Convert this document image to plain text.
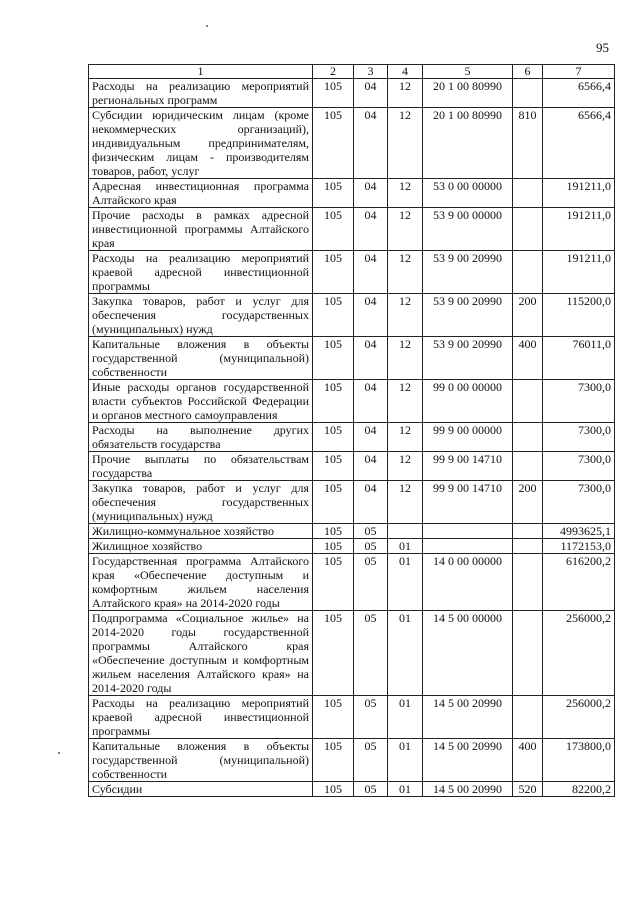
95
1	2	3	4	5	6	7
Расходы на реализацию мероприятий региональных программ	105	04	12	20 1 00 80990		6566,4
Субсидии юридическим лицам (кроме некоммерческих организаций), индивидуальным предпринимателям, физическим лицам - производителям товаров, работ, услуг	105	04	12	20 1 00 80990	810	6566,4
Адресная инвестиционная программа Алтайского края	105	04	12	53 0 00 00000		191211,0
Прочие расходы в рамках адресной инвестиционной программы Алтайского края	105	04	12	53 9 00 00000		191211,0
Расходы на реализацию мероприятий краевой адресной инвестиционной программы	105	04	12	53 9 00 20990		191211,0
Закупка товаров, работ и услуг для обеспечения государственных (муниципальных) нужд	105	04	12	53 9 00 20990	200	115200,0
Капитальные вложения в объекты государственной (муниципальной) собственности	105	04	12	53 9 00 20990	400	76011,0
Иные расходы органов государственной власти субъектов Российской Федерации и органов местного самоуправления	105	04	12	99 0 00 00000		7300,0
Расходы на выполнение других обязательств государства	105	04	12	99 9 00 00000		7300,0
Прочие выплаты по обязательствам государства	105	04	12	99 9 00 14710		7300,0
Закупка товаров, работ и услуг для обеспечения государственных (муниципальных) нужд	105	04	12	99 9 00 14710	200	7300,0
Жилищно-коммунальное хозяйство	105	05				4993625,1
Жилищное хозяйство	105	05	01			1172153,0
Государственная программа Алтайского края «Обеспечение доступным и комфортным жильем населения Алтайского края» на 2014-2020 годы	105	05	01	14 0 00 00000		616200,2
Подпрограмма «Социальное жилье» на 2014-2020 годы государственной программы Алтайского края «Обеспечение доступным и комфортным жильем населения Алтайского края» на 2014-2020 годы	105	05	01	14 5 00 00000		256000,2
Расходы на реализацию мероприятий краевой адресной инвестиционной программы	105	05	01	14 5 00 20990		256000,2
Капитальные вложения в объекты государственной (муниципальной) собственности	105	05	01	14 5 00 20990	400	173800,0
Субсидии	105	05	01	14 5 00 20990	520	82200,2
